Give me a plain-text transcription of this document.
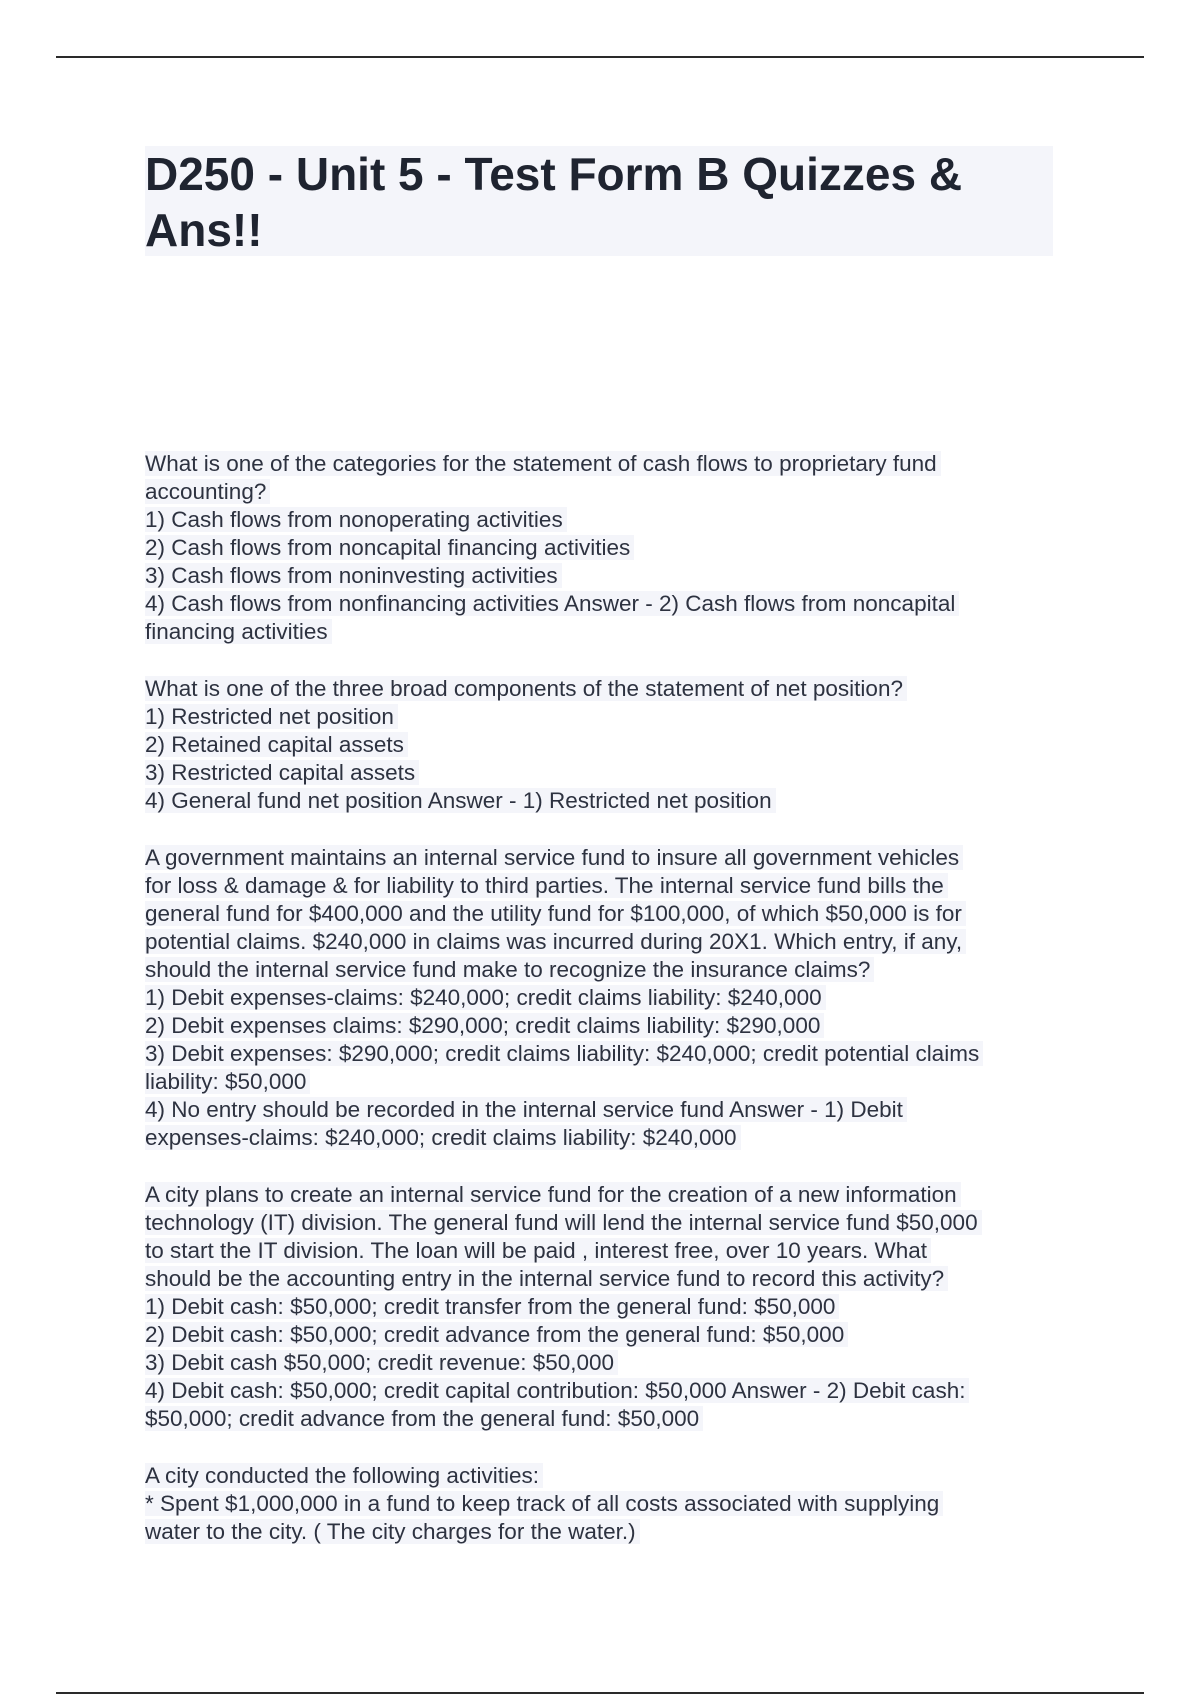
D250 - Unit 5 - Test Form B Quizzes &
Ans!!
What is one of the categories for the statement of cash flows to proprietary fund
accounting?
1) Cash flows from nonoperating activities
2) Cash flows from noncapital financing activities
3) Cash flows from noninvesting activities
4) Cash flows from nonfinancing activities Answer - 2) Cash flows from noncapital
financing activities
What is one of the three broad components of the statement of net position?
1) Restricted net position
2) Retained capital assets
3) Restricted capital assets
4) General fund net position Answer - 1) Restricted net position
A government maintains an internal service fund to insure all government vehicles
for loss & damage & for liability to third parties. The internal service fund bills the
general fund for $400,000 and the utility fund for $100,000, of which $50,000 is for
potential claims. $240,000 in claims was incurred during 20X1. Which entry, if any,
should the internal service fund make to recognize the insurance claims?
1) Debit expenses-claims: $240,000; credit claims liability: $240,000
2) Debit expenses claims: $290,000; credit claims liability: $290,000
3) Debit expenses: $290,000; credit claims liability: $240,000; credit potential claims
liability: $50,000
4) No entry should be recorded in the internal service fund Answer - 1) Debit
expenses-claims: $240,000; credit claims liability: $240,000
A city plans to create an internal service fund for the creation of a new information
technology (IT) division. The general fund will lend the internal service fund $50,000
to start the IT division. The loan will be paid , interest free, over 10 years. What
should be the accounting entry in the internal service fund to record this activity?
1) Debit cash: $50,000; credit transfer from the general fund: $50,000
2) Debit cash: $50,000; credit advance from the general fund: $50,000
3) Debit cash $50,000; credit revenue: $50,000
4) Debit cash: $50,000; credit capital contribution: $50,000 Answer - 2) Debit cash:
$50,000; credit advance from the general fund: $50,000
A city conducted the following activities:
* Spent $1,000,000 in a fund to keep track of all costs associated with supplying
water to the city. ( The city charges for the water.)
